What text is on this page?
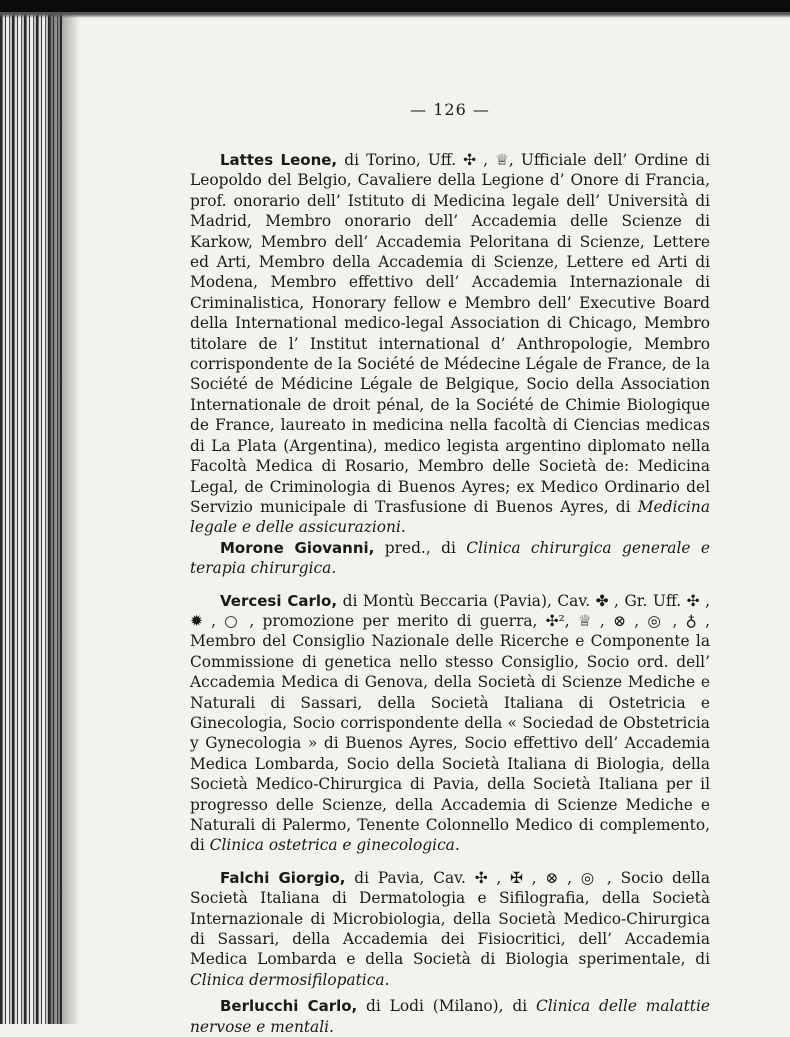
— 126 —

Lattes Leone, di Torino, Uff. ✣ , ♕, Ufficiale dell’ Ordine di Leopoldo del Belgio, Cavaliere della Legione d’ Onore di Francia, prof. onorario dell’ Istituto di Medicina legale dell’ Università di Madrid, Membro onorario dell’ Accademia delle Scienze di Karkow, Membro dell’ Accademia Peloritana di Scienze, Lettere ed Arti, Membro della Accademia di Scienze, Lettere ed Arti di Modena, Membro effettivo dell’ Accademia Internazionale di Criminalistica, Honorary fellow e Membro dell’ Executive Board della International medico-legal Association di Chicago, Membro titolare de l’ Institut international d’ Anthropologie, Membro corrispondente de la Société de Médecine Légale de France, de la Société de Médicine Légale de Belgique, Socio della Association Internationale de droit pénal, de la Société de Chimie Biologique de France, laureato in medicina nella facoltà di Ciencias medicas di La Plata (Argentina), medico legista argentino diplomato nella Facoltà Medica di Rosario, Membro delle Società de: Medicina Legal, de Criminologia di Buenos Ayres; ex Medico Ordinario del Servizio municipale di Trasfusione di Buenos Ayres, di Medicina legale e delle assicurazioni.

Morone Giovanni, pred., di Clinica chirurgica generale e terapia chirurgica.

Vercesi Carlo, di Montù Beccaria (Pavia), Cav. ✤ , Gr. Uff. ✣ , ✹ , ○ , promozione per merito di guerra, ✣², ♕ , ⊗ , ◎ , ♁ , Membro del Consiglio Nazionale delle Ricerche e Componente la Commissione di genetica nello stesso Consiglio, Socio ord. dell’ Accademia Medica di Genova, della Società di Scienze Mediche e Naturali di Sassari, della Società Italiana di Ostetricia e Ginecologia, Socio corrispondente della « Sociedad de Obstetricia y Gynecologia » di Buenos Ayres, Socio effettivo dell’ Accademia Medica Lombarda, Socio della Società Italiana di Biologia, della Società Medico-Chirurgica di Pavia, della Società Italiana per il progresso delle Scienze, della Accademia di Scienze Mediche e Naturali di Palermo, Tenente Colonnello Medico di complemento, di Clinica ostetrica e ginecologica.

Falchi Giorgio, di Pavia, Cav. ✣ , ✠ , ⊗ , ◎ , Socio della Società Italiana di Dermatologia e Sifilografia, della Società Internazionale di Microbiologia, della Società Medico-Chirurgica di Sassari, della Accademia dei Fisiocritici, dell’ Accademia Medica Lombarda e della Società di Biologia sperimentale, di Clinica dermosifilopatica.

Berlucchi Carlo, di Lodi (Milano), di Clinica delle malattie nervose e mentali.
